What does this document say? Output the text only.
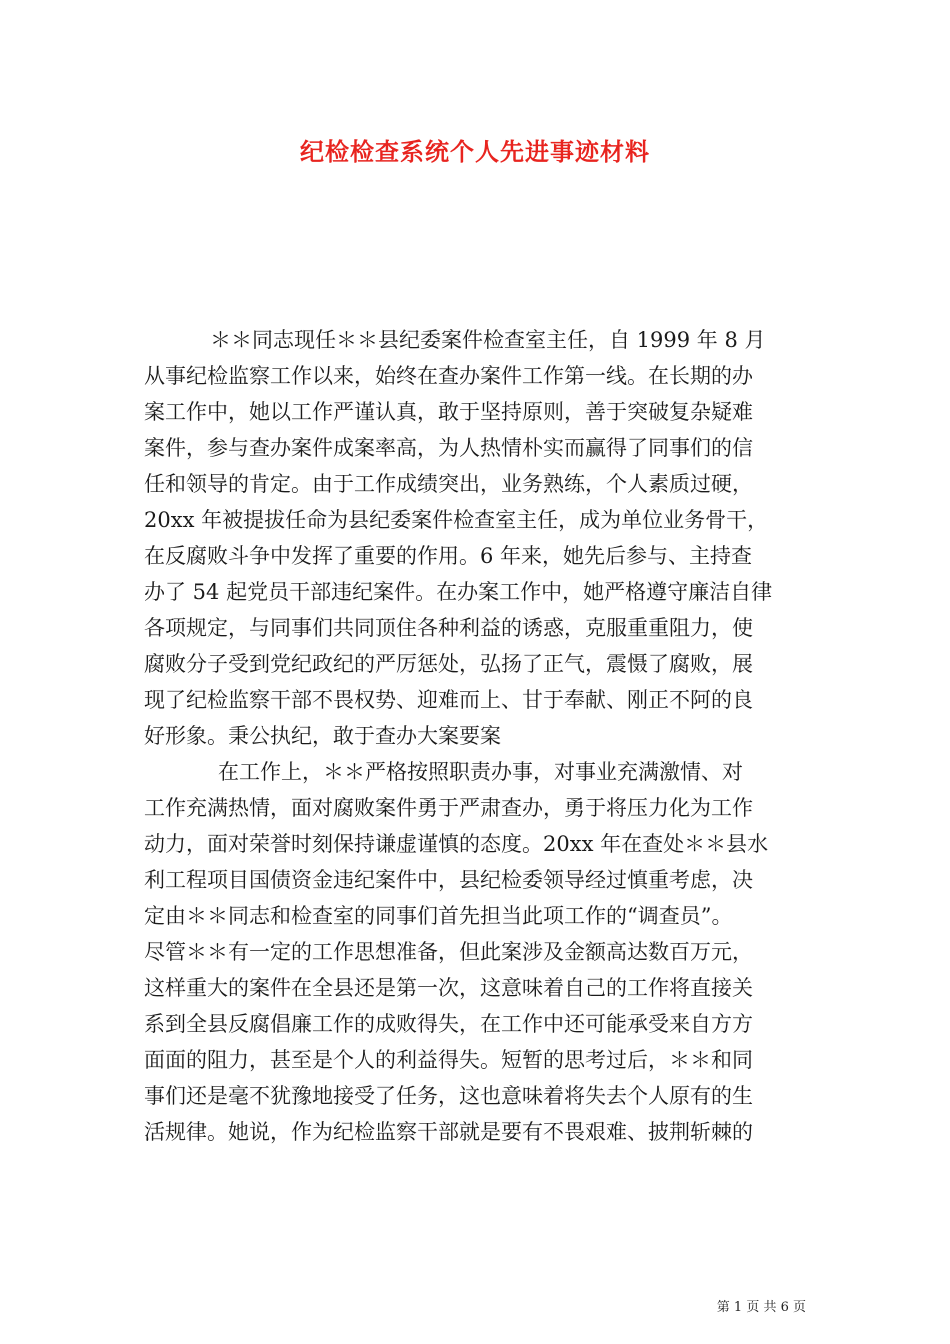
纪检检查系统个人先进事迹材料

＊＊同志现任＊＊县纪委案件检查室主任，自 1999 年 8 月
从事纪检监察工作以来，始终在查办案件工作第一线。在长期的办
案工作中，她以工作严谨认真，敢于坚持原则，善于突破复杂疑难
案件，参与查办案件成案率高，为人热情朴实而赢得了同事们的信
任和领导的肯定。由于工作成绩突出，业务熟练，个人素质过硬，
20xx 年被提拔任命为县纪委案件检查室主任，成为单位业务骨干，
在反腐败斗争中发挥了重要的作用。6 年来，她先后参与、主持查
办了 54 起党员干部违纪案件。在办案工作中，她严格遵守廉洁自律
各项规定，与同事们共同顶住各种利益的诱惑，克服重重阻力，使
腐败分子受到党纪政纪的严厉惩处，弘扬了正气，震慑了腐败，展
现了纪检监察干部不畏权势、迎难而上、甘于奉献、刚正不阿的良
好形象。秉公执纪，敢于查办大案要案

在工作上，＊＊严格按照职责办事，对事业充满激情、对
工作充满热情，面对腐败案件勇于严肃查办，勇于将压力化为工作
动力，面对荣誉时刻保持谦虚谨慎的态度。20xx 年在查处＊＊县水
利工程项目国债资金违纪案件中，县纪检委领导经过慎重考虑，决
定由＊＊同志和检查室的同事们首先担当此项工作的“调查员”。
尽管＊＊有一定的工作思想准备，但此案涉及金额高达数百万元，
这样重大的案件在全县还是第一次，这意味着自己的工作将直接关
系到全县反腐倡廉工作的成败得失，在工作中还可能承受来自方方
面面的阻力，甚至是个人的利益得失。短暂的思考过后，＊＊和同
事们还是毫不犹豫地接受了任务，这也意味着将失去个人原有的生
活规律。她说，作为纪检监察干部就是要有不畏艰难、披荆斩棘的

第 1 页 共 6 页
